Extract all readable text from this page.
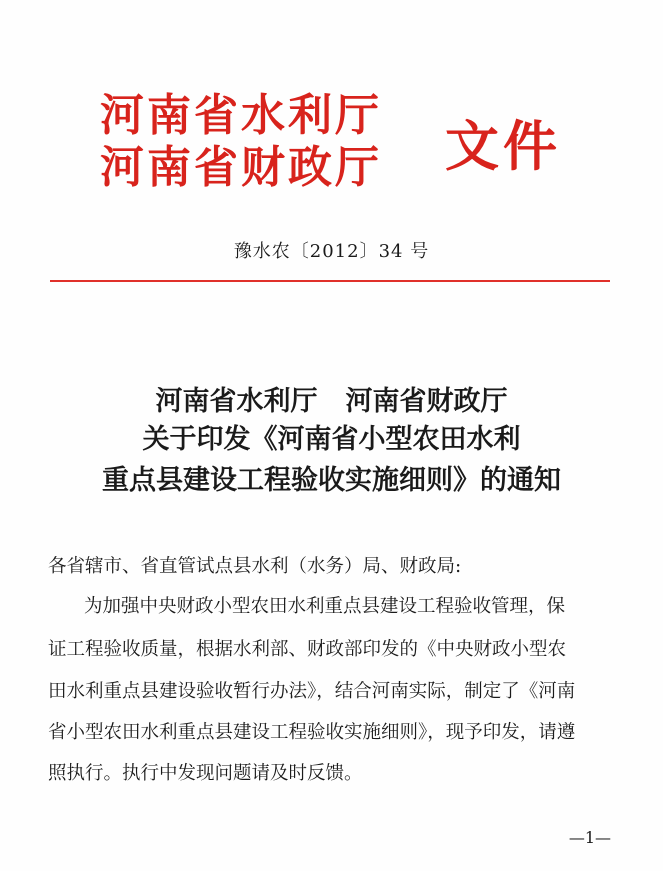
河南省水利厅
河南省财政厅 文件
豫水农〔2012〕34 号
河南省水利厅 河南省财政厅
关于印发《河南省小型农田水利
重点县建设工程验收实施细则》的通知
各省辖市、省直管试点县水利（水务）局、财政局:
为加强中央财政小型农田水利重点县建设工程验收管理，保
证工程验收质量，根据水利部、财政部印发的《中央财政小型农
田水利重点县建设验收暂行办法》，结合河南实际，制定了《河南
省小型农田水利重点县建设工程验收实施细则》，现予印发，请遵
照执行。执行中发现问题请及时反馈。
—1—
